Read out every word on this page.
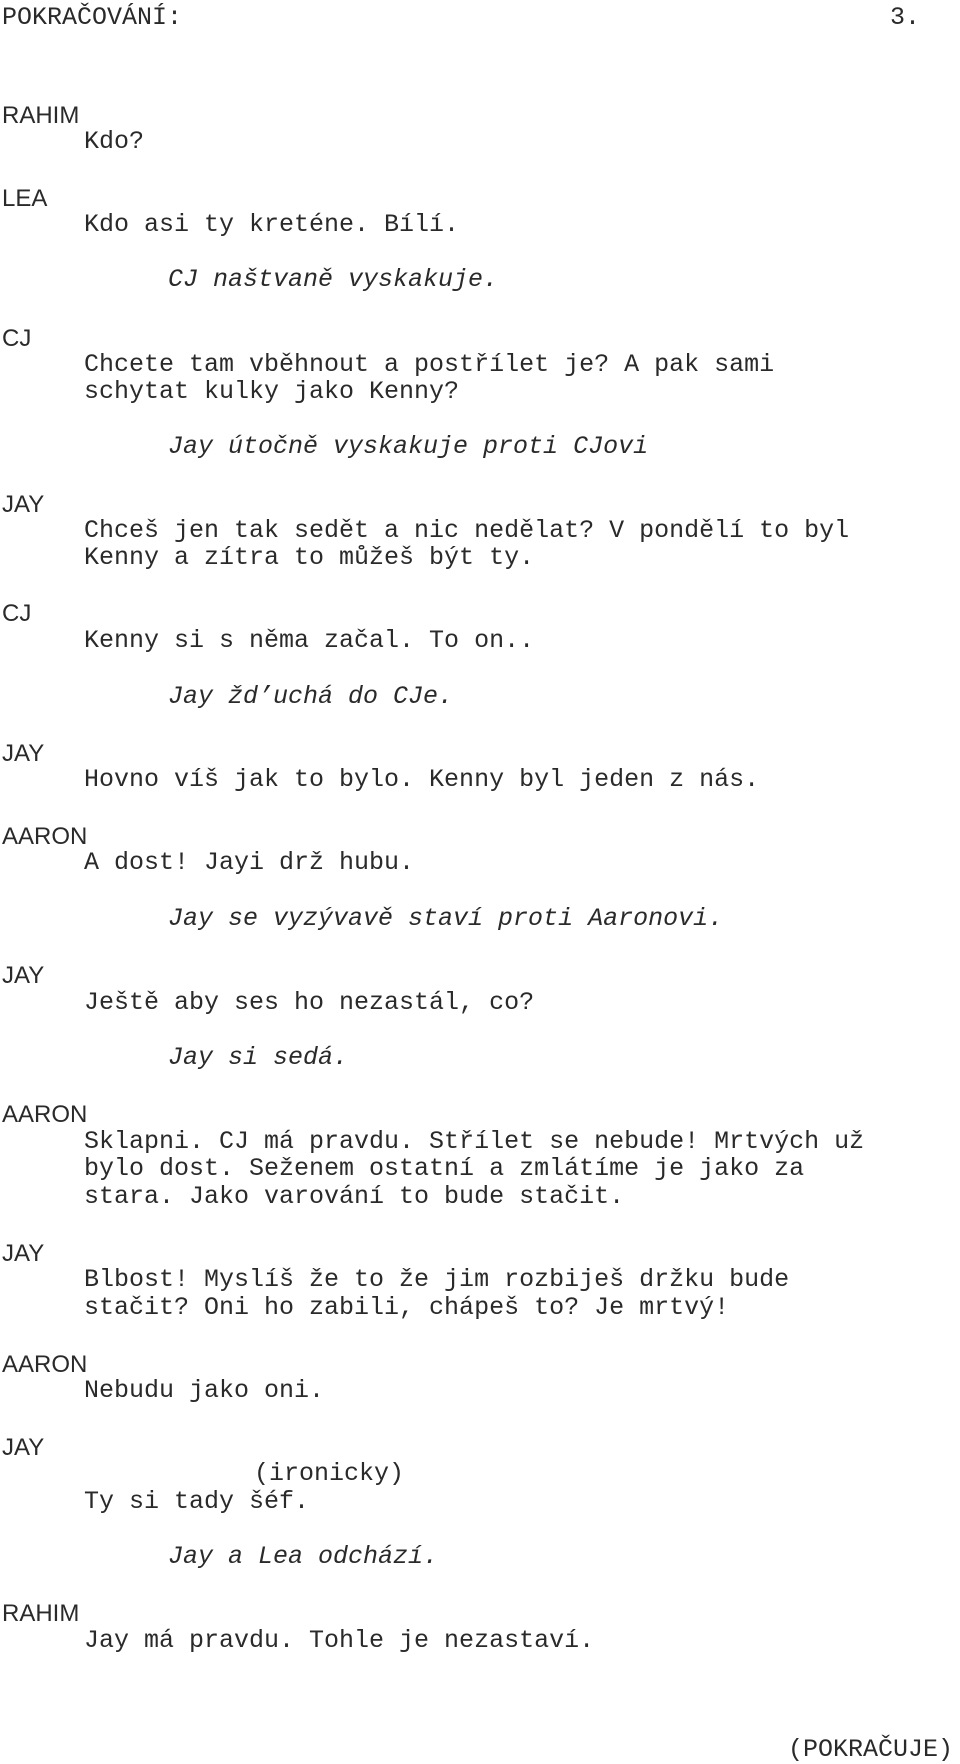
POKRAČOVÁNÍ:	3.
RAHIM
Kdo?
LEA
Kdo asi ty kreténe. Bílí.
CJ naštvaně vyskakuje.
CJ
Chcete tam vběhnout a postřílet je? A pak sami
schytat kulky jako Kenny?
Jay útočně vyskakuje proti CJovi
JAY
Chceš jen tak sedět a nic nedělat? V pondělí to byl
Kenny a zítra to můžeš být ty.
CJ
Kenny si s něma začal. To on..
Jay žd’uchá do CJe.
JAY
Hovno víš jak to bylo. Kenny byl jeden z nás.
AARON
A dost! Jayi drž hubu.
Jay se vyzývavě staví proti Aaronovi.
JAY
Ještě aby ses ho nezastál, co?
Jay si sedá.
AARON
Sklapni. CJ má pravdu. Střílet se nebude! Mrtvých už
bylo dost. Seženem ostatní a zmlátíme je jako za
stara. Jako varování to bude stačit.
JAY
Blbost! Myslíš že to že jim rozbiješ držku bude
stačit? Oni ho zabili, chápeš to? Je mrtvý!
AARON
Nebudu jako oni.
JAY
(ironicky)
Ty si tady šéf.
Jay a Lea odchází.
RAHIM
Jay má pravdu. Tohle je nezastaví.
(POKRAČUJE)
